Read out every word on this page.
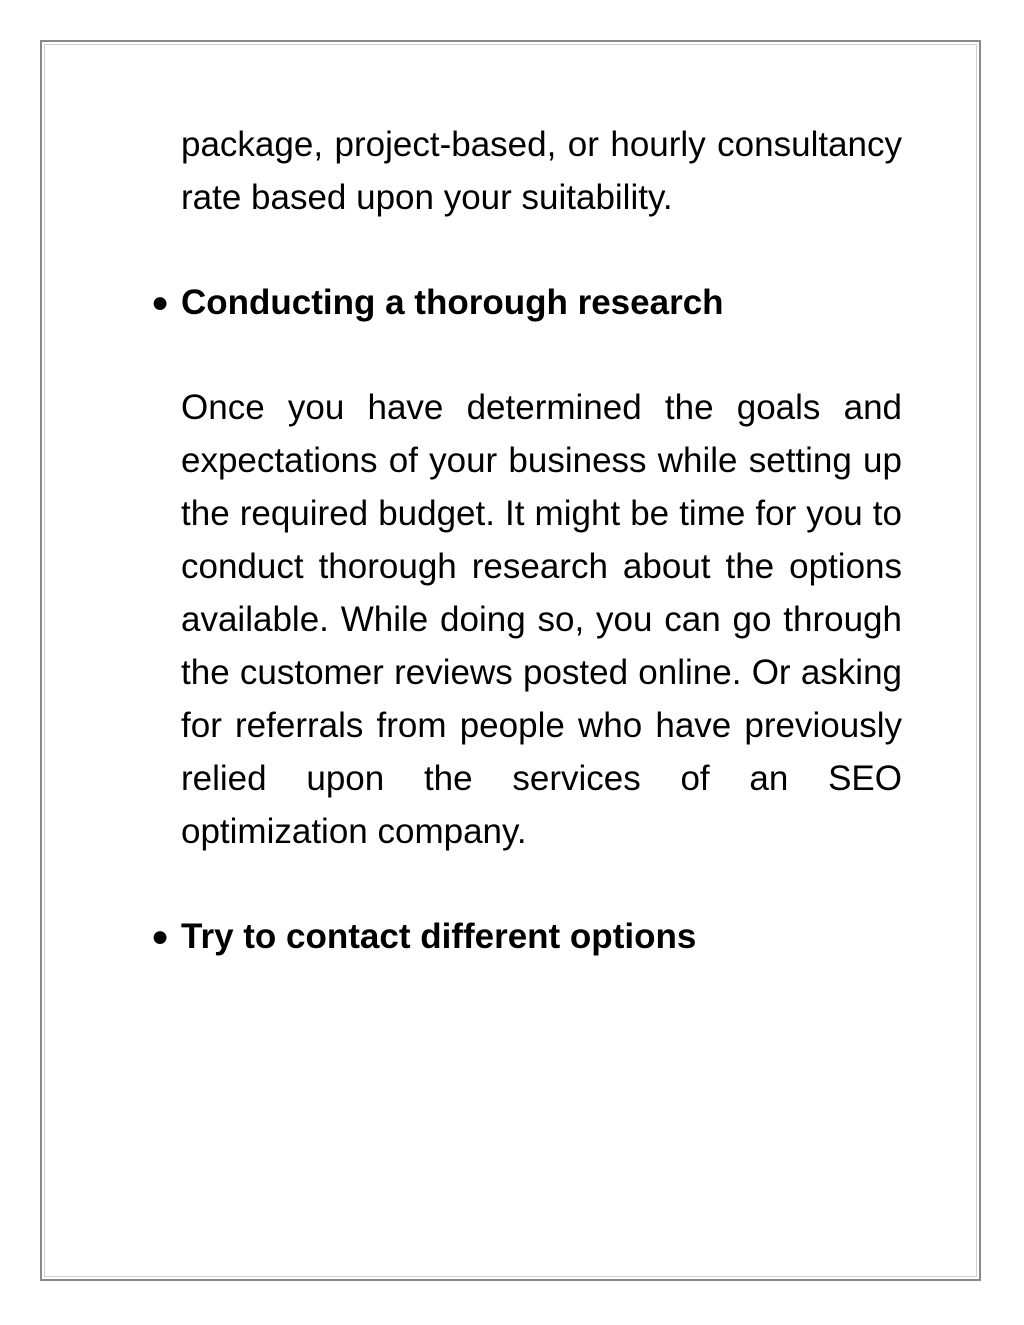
package, project-based, or hourly consultancy rate based upon your suitability.

● Conducting a thorough research

Once you have determined the goals and expectations of your business while setting up the required budget. It might be time for you to conduct thorough research about the options available. While doing so, you can go through the customer reviews posted online. Or asking for referrals from people who have previously relied upon the services of an SEO optimization company.

● Try to contact different options
